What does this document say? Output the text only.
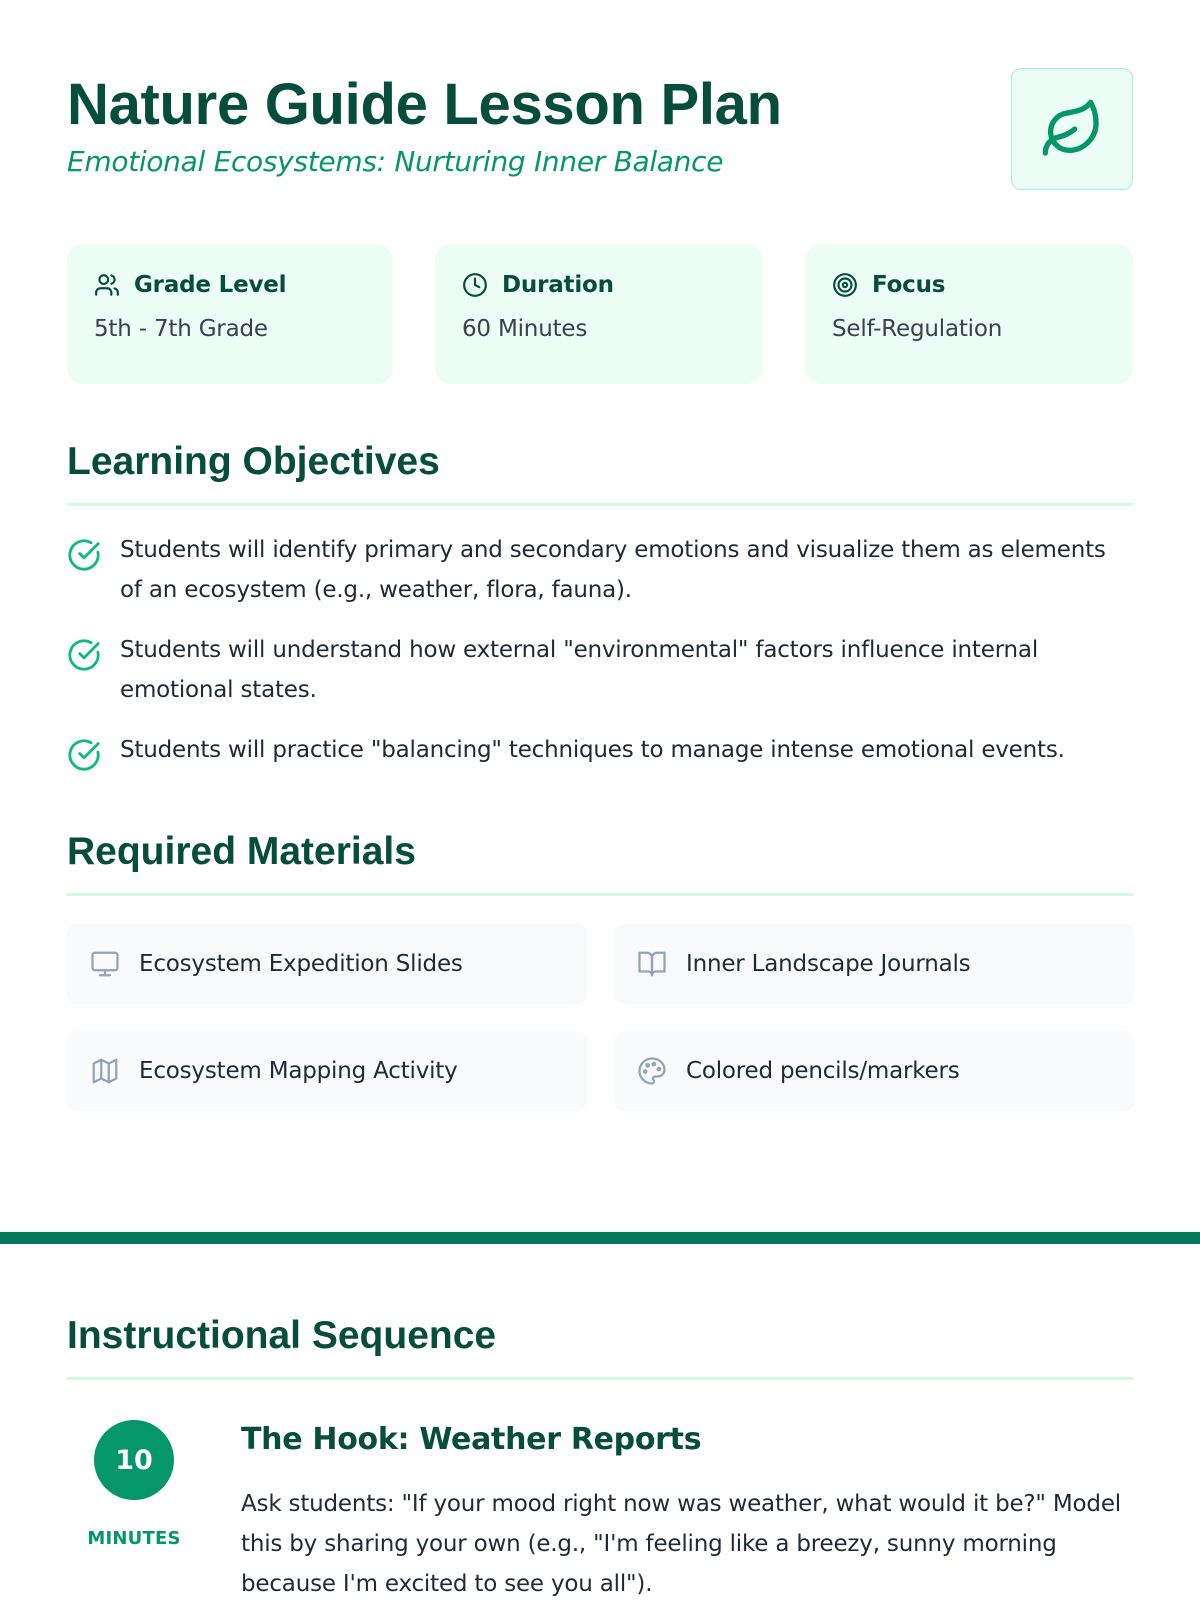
Nature Guide Lesson Plan
Emotional Ecosystems: Nurturing Inner Balance
Grade Level
5th - 7th Grade
Duration
60 Minutes
Focus
Self-Regulation
Learning Objectives
Students will identify primary and secondary emotions and visualize them as elements of an ecosystem (e.g., weather, flora, fauna).
Students will understand how external "environmental" factors influence internal emotional states.
Students will practice "balancing" techniques to manage intense emotional events.
Required Materials
Ecosystem Expedition Slides	Inner Landscape Journals
Ecosystem Mapping Activity	Colored pencils/markers
Instructional Sequence
10
MINUTES
The Hook: Weather Reports
Ask students: "If your mood right now was weather, what would it be?" Model this by sharing your own (e.g., "I'm feeling like a breezy, sunny morning because I'm excited to see you all").
